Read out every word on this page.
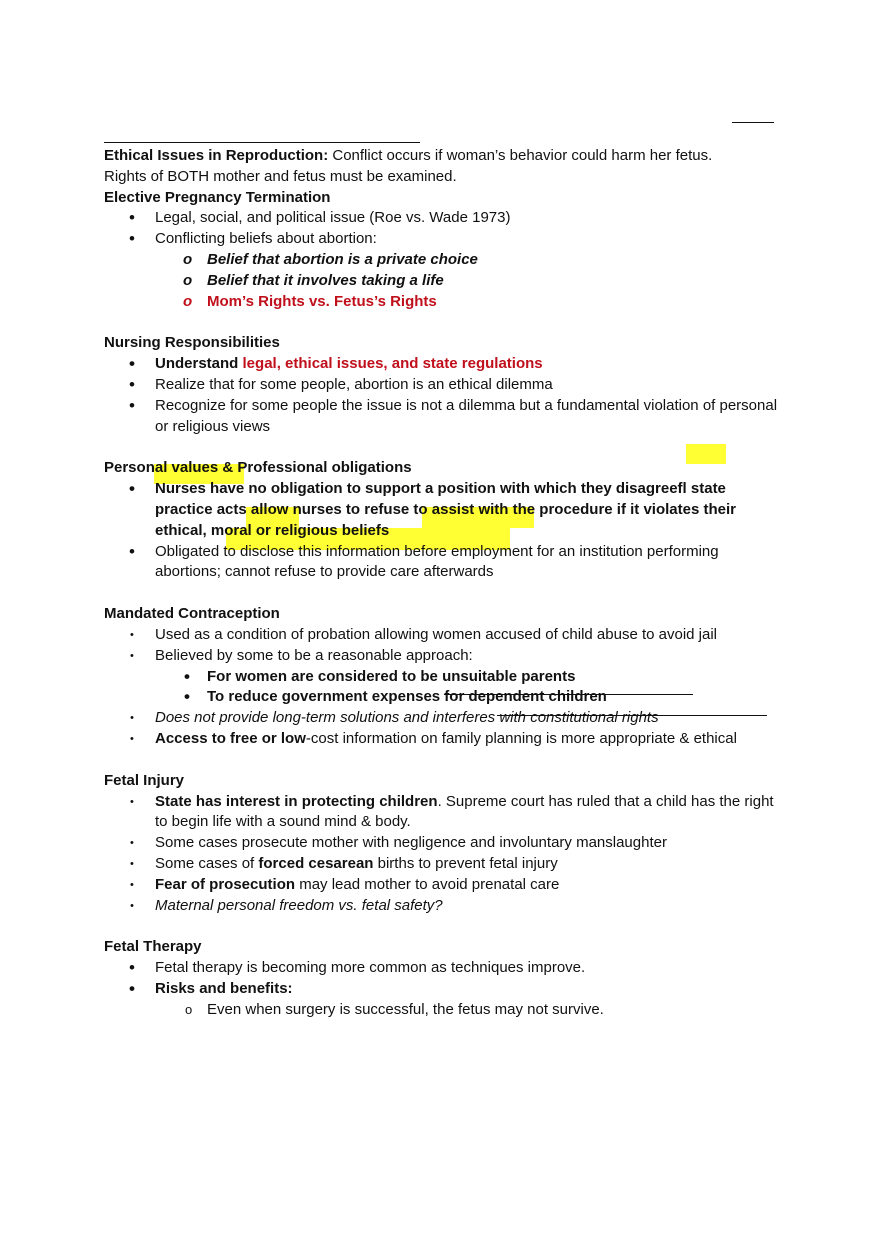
Ethical Issues in Reproduction: Conflict occurs if woman’s behavior could harm her fetus.

Rights of BOTH mother and fetus must be examined.

Elective Pregnancy Termination

• Legal, social, and political issue (Roe vs. Wade 1973)
• Conflicting beliefs about abortion:
o Belief that abortion is a private choice
o Belief that it involves taking a life
o Mom’s Rights vs. Fetus’s Rights

Nursing Responsibilities

• Understand legal, ethical issues, and state regulations
• Realize that for some people, abortion is an ethical dilemma
• Recognize for some people the issue is not a dilemma but a fundamental violation of personal or religious views

Personal values & Professional obligations

• Nurses have no obligation to support a position with which they disagreefl state practice acts allow nurses to refuse to assist with the procedure if it violates their ethical, moral or religious beliefs
• Obligated to disclose this information before employment for an institution performing abortions; cannot refuse to provide care afterwards

Mandated Contraception

• Used as a condition of probation allowing women accused of child abuse to avoid jail
• Believed by some to be a reasonable approach:
• For women are considered to be unsuitable parents
• To reduce government expenses for dependent children
• Does not provide long-term solutions and interferes with constitutional rights
• Access to free or low-cost information on family planning is more appropriate & ethical

Fetal Injury

• State has interest in protecting children. Supreme court has ruled that a child has the right to begin life with a sound mind & body.
• Some cases prosecute mother with negligence and involuntary manslaughter
• Some cases of forced cesarean births to prevent fetal injury
• Fear of prosecution may lead mother to avoid prenatal care
• Maternal personal freedom vs. fetal safety?

Fetal Therapy

• Fetal therapy is becoming more common as techniques improve.
• Risks and benefits:
o Even when surgery is successful, the fetus may not survive.
